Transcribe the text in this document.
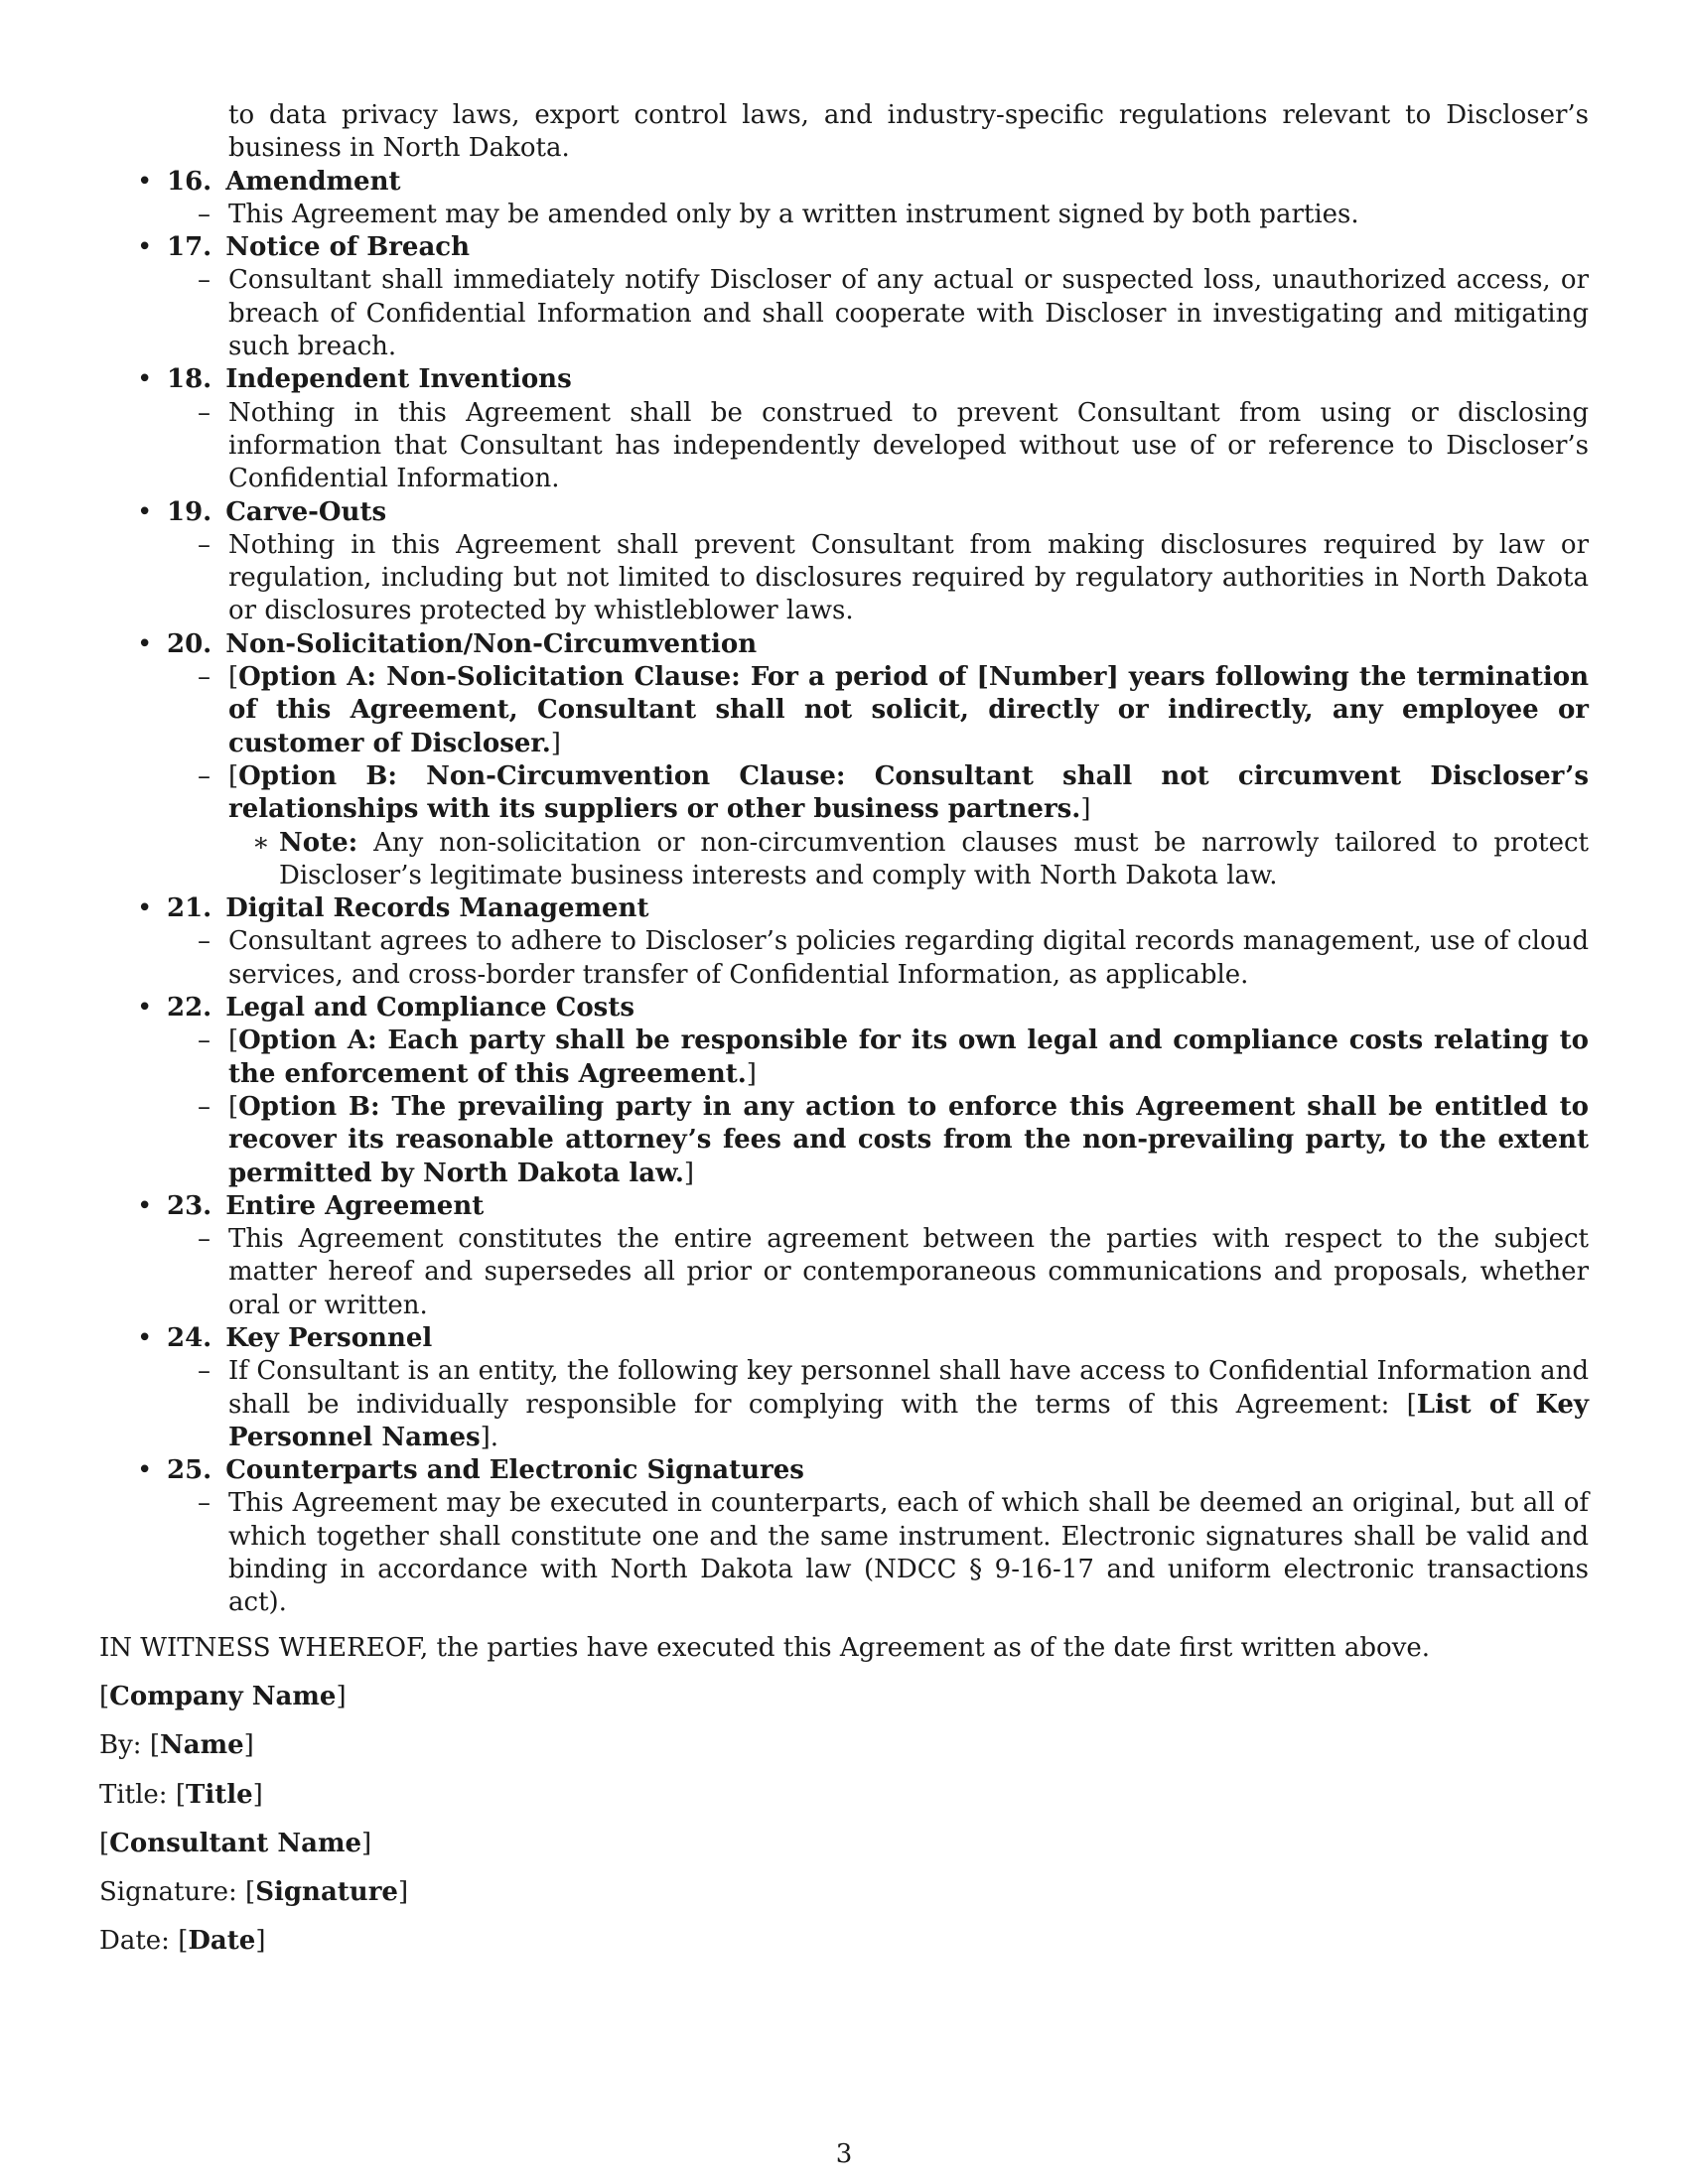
to data privacy laws, export control laws, and industry-specific regulations relevant to Discloser’s business in North Dakota.
• 16. Amendment
– This Agreement may be amended only by a written instrument signed by both parties.
• 17. Notice of Breach
– Consultant shall immediately notify Discloser of any actual or suspected loss, unauthorized access, or breach of Confidential Information and shall cooperate with Discloser in investigating and mitigating such breach.
• 18. Independent Inventions
– Nothing in this Agreement shall be construed to prevent Consultant from using or disclosing information that Consultant has independently developed without use of or reference to Discloser’s Confidential Information.
• 19. Carve-Outs
– Nothing in this Agreement shall prevent Consultant from making disclosures required by law or regulation, including but not limited to disclosures required by regulatory authorities in North Dakota or disclosures protected by whistleblower laws.
• 20. Non-Solicitation/Non-Circumvention
– [Option A: Non-Solicitation Clause: For a period of [Number] years following the termination of this Agreement, Consultant shall not solicit, directly or indirectly, any employee or customer of Discloser.]
– [Option B: Non-Circumvention Clause: Consultant shall not circumvent Discloser’s relationships with its suppliers or other business partners.]
∗ Note: Any non-solicitation or non-circumvention clauses must be narrowly tailored to protect Discloser’s legitimate business interests and comply with North Dakota law.
• 21. Digital Records Management
– Consultant agrees to adhere to Discloser’s policies regarding digital records management, use of cloud services, and cross-border transfer of Confidential Information, as applicable.
• 22. Legal and Compliance Costs
– [Option A: Each party shall be responsible for its own legal and compliance costs relating to the enforcement of this Agreement.]
– [Option B: The prevailing party in any action to enforce this Agreement shall be entitled to recover its reasonable attorney’s fees and costs from the non-prevailing party, to the extent permitted by North Dakota law.]
• 23. Entire Agreement
– This Agreement constitutes the entire agreement between the parties with respect to the subject matter hereof and supersedes all prior or contemporaneous communications and proposals, whether oral or written.
• 24. Key Personnel
– If Consultant is an entity, the following key personnel shall have access to Confidential Information and shall be individually responsible for complying with the terms of this Agreement: [List of Key Personnel Names].
• 25. Counterparts and Electronic Signatures
– This Agreement may be executed in counterparts, each of which shall be deemed an original, but all of which together shall constitute one and the same instrument. Electronic signatures shall be valid and binding in accordance with North Dakota law (NDCC § 9-16-17 and uniform electronic transactions act).
IN WITNESS WHEREOF, the parties have executed this Agreement as of the date first written above.
[Company Name]
By: [Name]
Title: [Title]
[Consultant Name]
Signature: [Signature]
Date: [Date]
3
